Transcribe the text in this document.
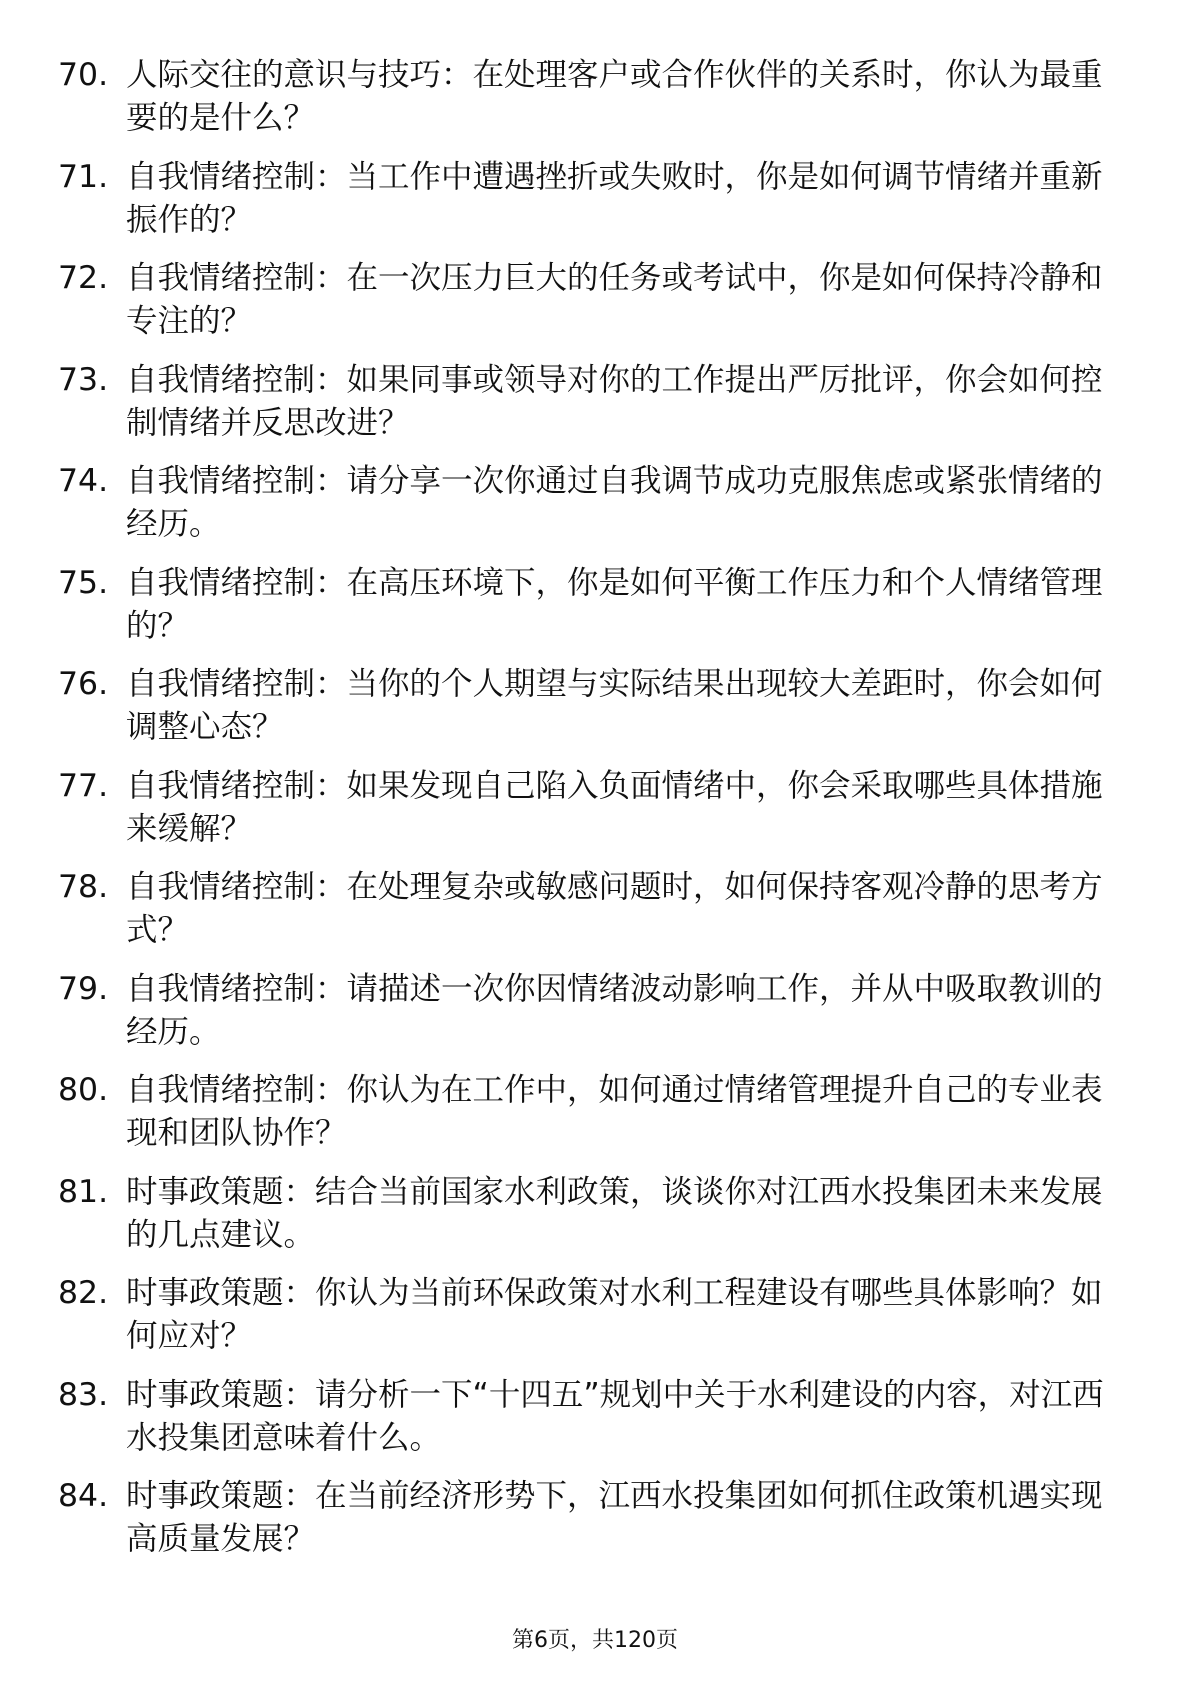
70. 人际交往的意识与技巧：在处理客户或合作伙伴的关系时，你认为最重要的是什么？
71. 自我情绪控制：当工作中遭遇挫折或失败时，你是如何调节情绪并重新振作的？
72. 自我情绪控制：在一次压力巨大的任务或考试中，你是如何保持冷静和专注的？
73. 自我情绪控制：如果同事或领导对你的工作提出严厉批评，你会如何控制情绪并反思改进？
74. 自我情绪控制：请分享一次你通过自我调节成功克服焦虑或紧张情绪的经历。
75. 自我情绪控制：在高压环境下，你是如何平衡工作压力和个人情绪管理的？
76. 自我情绪控制：当你的个人期望与实际结果出现较大差距时，你会如何调整心态？
77. 自我情绪控制：如果发现自己陷入负面情绪中，你会采取哪些具体措施来缓解？
78. 自我情绪控制：在处理复杂或敏感问题时，如何保持客观冷静的思考方式？
79. 自我情绪控制：请描述一次你因情绪波动影响工作，并从中吸取教训的经历。
80. 自我情绪控制：你认为在工作中，如何通过情绪管理提升自己的专业表现和团队协作？
81. 时事政策题：结合当前国家水利政策，谈谈你对江西水投集团未来发展的几点建议。
82. 时事政策题：你认为当前环保政策对水利工程建设有哪些具体影响？如何应对？
83. 时事政策题：请分析一下“十四五”规划中关于水利建设的内容，对江西水投集团意味着什么。
84. 时事政策题：在当前经济形势下，江西水投集团如何抓住政策机遇实现高质量发展？
第6页，共120页
